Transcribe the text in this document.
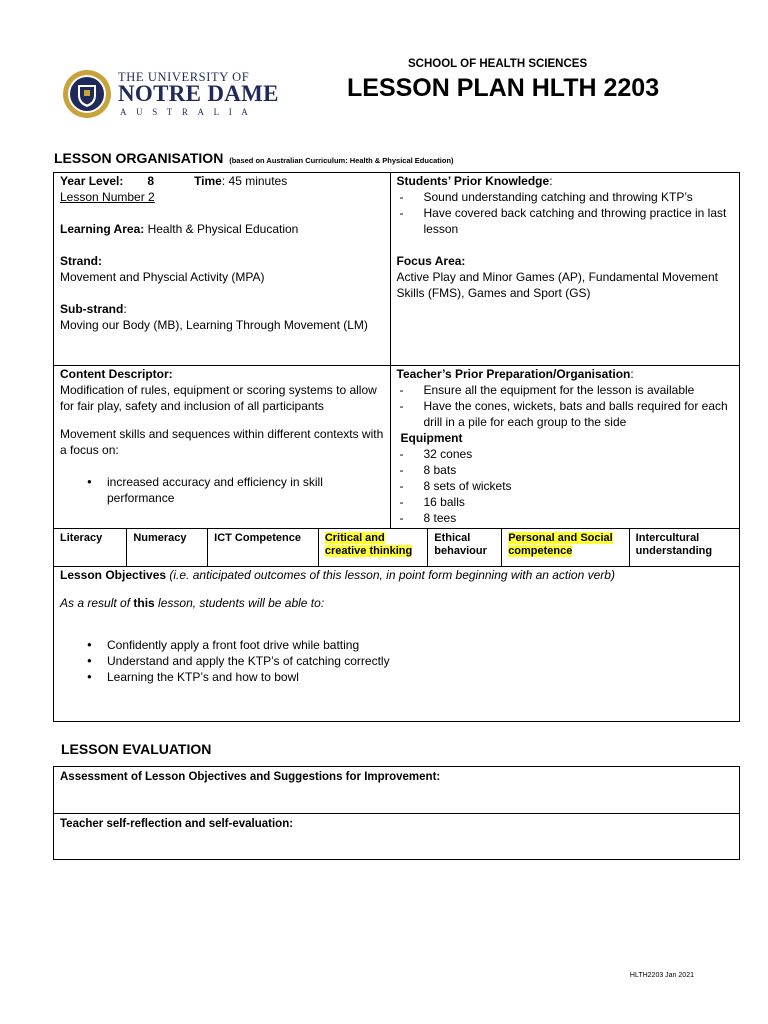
THE UNIVERSITY OF
NOTRE DAME
AUSTRALIA
SCHOOL OF HEALTH SCIENCES
LESSON PLAN HLTH 2203
LESSON ORGANISATION (based on Australian Curriculum: Health & Physical Education)
Year Level: 8	Time: 45 minutes
Lesson Number 2
Learning Area: Health & Physical Education
Strand:
Movement and Physcial Activity (MPA)
Sub-strand:
Moving our Body (MB), Learning Through Movement (LM)

Students’ Prior Knowledge:
- Sound understanding catching and throwing KTP’s
- Have covered back catching and throwing practice in last lesson
Focus Area:
Active Play and Minor Games (AP), Fundamental Movement Skills (FMS), Games and Sport (GS)

Content Descriptor:
Modification of rules, equipment or scoring systems to allow for fair play, safety and inclusion of all participants
Movement skills and sequences within different contexts with a focus on:
● increased accuracy and efficiency in skill performance

Teacher’s Prior Preparation/Organisation:
- Ensure all the equipment for the lesson is available
- Have the cones, wickets, bats and balls required for each drill in a pile for each group to the side
Equipment
- 32 cones
- 8 bats
- 8 sets of wickets
- 16 balls
- 8 tees

Literacy	Numeracy	ICT Competence	Critical and creative thinking	Ethical behaviour	Personal and Social competence	Intercultural understanding

Lesson Objectives (i.e. anticipated outcomes of this lesson, in point form beginning with an action verb)
As a result of this lesson, students will be able to:
● Confidently apply a front foot drive while batting
● Understand and apply the KTP’s of catching correctly
● Learning the KTP’s and how to bowl
LESSON EVALUATION
Assessment of Lesson Objectives and Suggestions for Improvement:
Teacher self-reflection and self-evaluation:
HLTH2203 Jan 2021
